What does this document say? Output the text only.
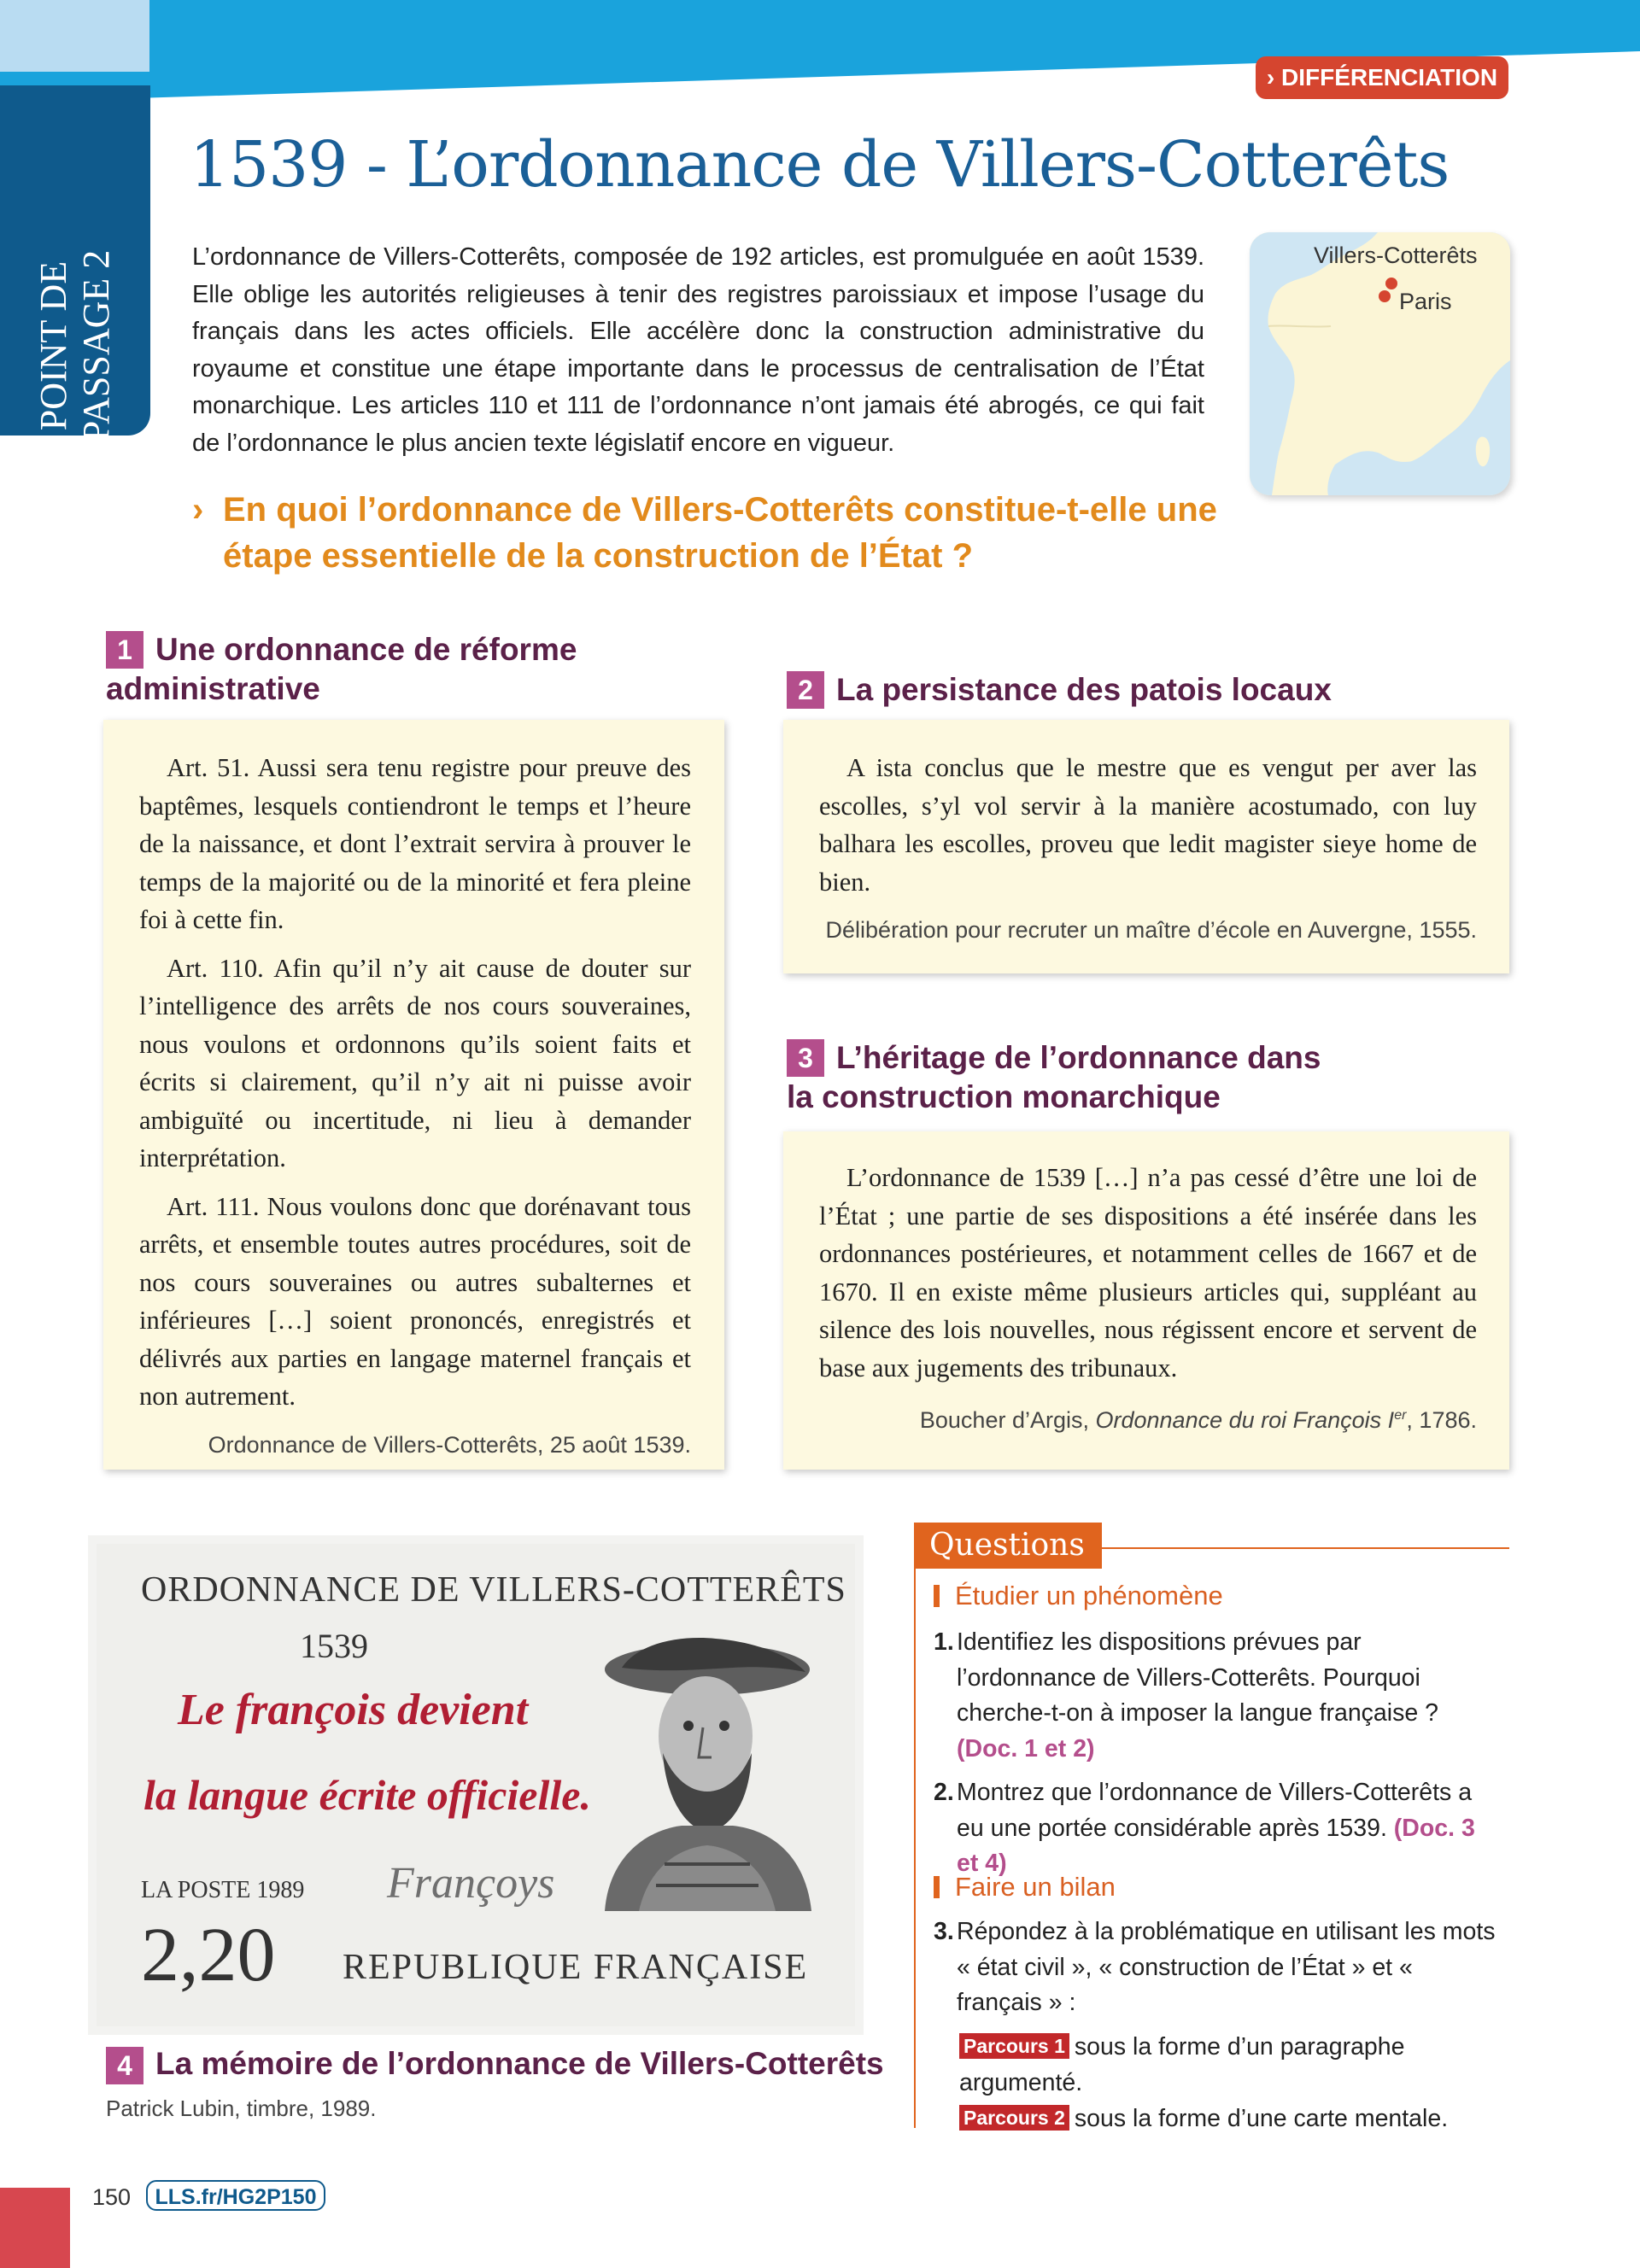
POINT DE PASSAGE 2
› DIFFÉRENCIATION
1539 - L’ordonnance de Villers-Cotterêts

L’ordonnance de Villers-Cotterêts, composée de 192 articles, est promulguée en août 1539. Elle oblige les autorités religieuses à tenir des registres paroissiaux et impose l’usage du français dans les actes officiels. Elle accélère donc la construction administrative du royaume et constitue une étape importante dans le processus de centralisation de l’État monarchique. Les articles 110 et 111 de l’ordonnance n’ont jamais été abrogés, ce qui fait de l’ordonnance le plus ancien texte législatif encore en vigueur.

Villers-Cotterêts
Paris
› En quoi l’ordonnance de Villers-Cotterêts constitue-t-elle une étape essentielle de la construction de l’État ?
1 Une ordonnance de réforme
administrative

Art. 51. Aussi sera tenu registre pour preuve des baptêmes, lesquels contiendront le temps et l’heure de la naissance, et dont l’extrait servira à prouver le temps de la majorité ou de la minorité et fera pleine foi à cette fin.

Art. 110. Afin qu’il n’y ait cause de douter sur l’intelligence des arrêts de nos cours souveraines, nous voulons et ordonnons qu’ils soient faits et écrits si clairement, qu’il n’y ait ni puisse avoir ambiguïté ou incertitude, ni lieu à demander interprétation.

Art. 111. Nous voulons donc que dorénavant tous arrêts, et ensemble toutes autres procédures, soit de nos cours souveraines ou autres subalternes et inférieures […] soient prononcés, enregistrés et délivrés aux parties en langage maternel français et non autrement.

Ordonnance de Villers-Cotterêts, 25 août 1539.

2 La persistance des patois locaux

A ista conclus que le mestre que es vengut per aver las escolles, s’yl vol servir à la manière acostumado, con luy balhara les escolles, proveu que ledit magister sieye home de bien.

Délibération pour recruter un maître d’école en Auvergne, 1555.

3 L’héritage de l’ordonnance dans
la construction monarchique

L’ordonnance de 1539 […] n’a pas cessé d’être une loi de l’État ; une partie de ses dispositions a été insérée dans les ordonnances postérieures, et notamment celles de 1667 et de 1670. Il en existe même plusieurs articles qui, suppléant au silence des lois nouvelles, nous régissent encore et servent de base aux jugements des tribunaux.

Boucher d’Argis, Ordonnance du roi François Ier, 1786.

ORDONNANCE DE VILLERS-COTTERÊTS
1539
Le françois devient
la langue écrite officielle.
LA POSTE 1989 Françoys
2,20 REPUBLIQUE FRANÇAISE
4 La mémoire de l’ordonnance de Villers-Cotterêts
Patrick Lubin, timbre, 1989.
Questions
Étudier un phénomène
1. Identifiez les dispositions prévues par l’ordonnance de Villers-Cotterêts. Pourquoi cherche-t-on à imposer la langue française ?
(Doc. 1 et 2)
2. Montrez que l’ordonnance de Villers-Cotterêts a eu une portée considérable après 1539. (Doc. 3 et 4)
Faire un bilan
3. Répondez à la problématique en utilisant les mots « état civil », « construction de l’État » et « français » :
Parcours 1 sous la forme d’un paragraphe argumenté.
Parcours 2 sous la forme d’une carte mentale.
150	LLS.fr/HG2P150
